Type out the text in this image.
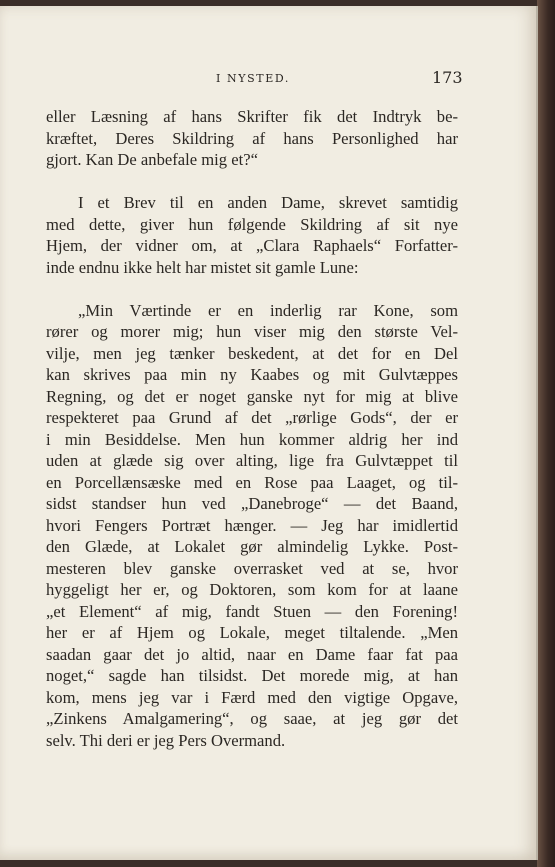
I NYSTED.	173
eller Læsning af hans Skrifter fik det Indtryk be-
kræftet, Deres Skildring af hans Personlighed har
gjort. Kan De anbefale mig et?“
I et Brev til en anden Dame, skrevet samtidig
med dette, giver hun følgende Skildring af sit nye
Hjem, der vidner om, at „Clara Raphaels“ Forfatter-
inde endnu ikke helt har mistet sit gamle Lune:
„Min Værtinde er en inderlig rar Kone, som
rører og morer mig; hun viser mig den største Vel-
vilje, men jeg tænker beskedent, at det for en Del
kan skrives paa min ny Kaabes og mit Gulvtæppes
Regning, og det er noget ganske nyt for mig at blive
respekteret paa Grund af det „rørlige Gods“, der er
i min Besiddelse. Men hun kommer aldrig her ind
uden at glæde sig over alting, lige fra Gulvtæppet til
en Porcellænsæske med en Rose paa Laaget, og til-
sidst standser hun ved „Danebroge“ — det Baand,
hvori Fengers Portræt hænger. — Jeg har imidlertid
den Glæde, at Lokalet gør almindelig Lykke. Post-
mesteren blev ganske overrasket ved at se, hvor
hyggeligt her er, og Doktoren, som kom for at laane
„et Element“ af mig, fandt Stuen — den Forening!
her er af Hjem og Lokale, meget tiltalende. „Men
saadan gaar det jo altid, naar en Dame faar fat paa
noget,“ sagde han tilsidst. Det morede mig, at han
kom, mens jeg var i Færd med den vigtige Opgave,
„Zinkens Amalgamering“, og saae, at jeg gør det
selv. Thi deri er jeg Pers Overmand.
